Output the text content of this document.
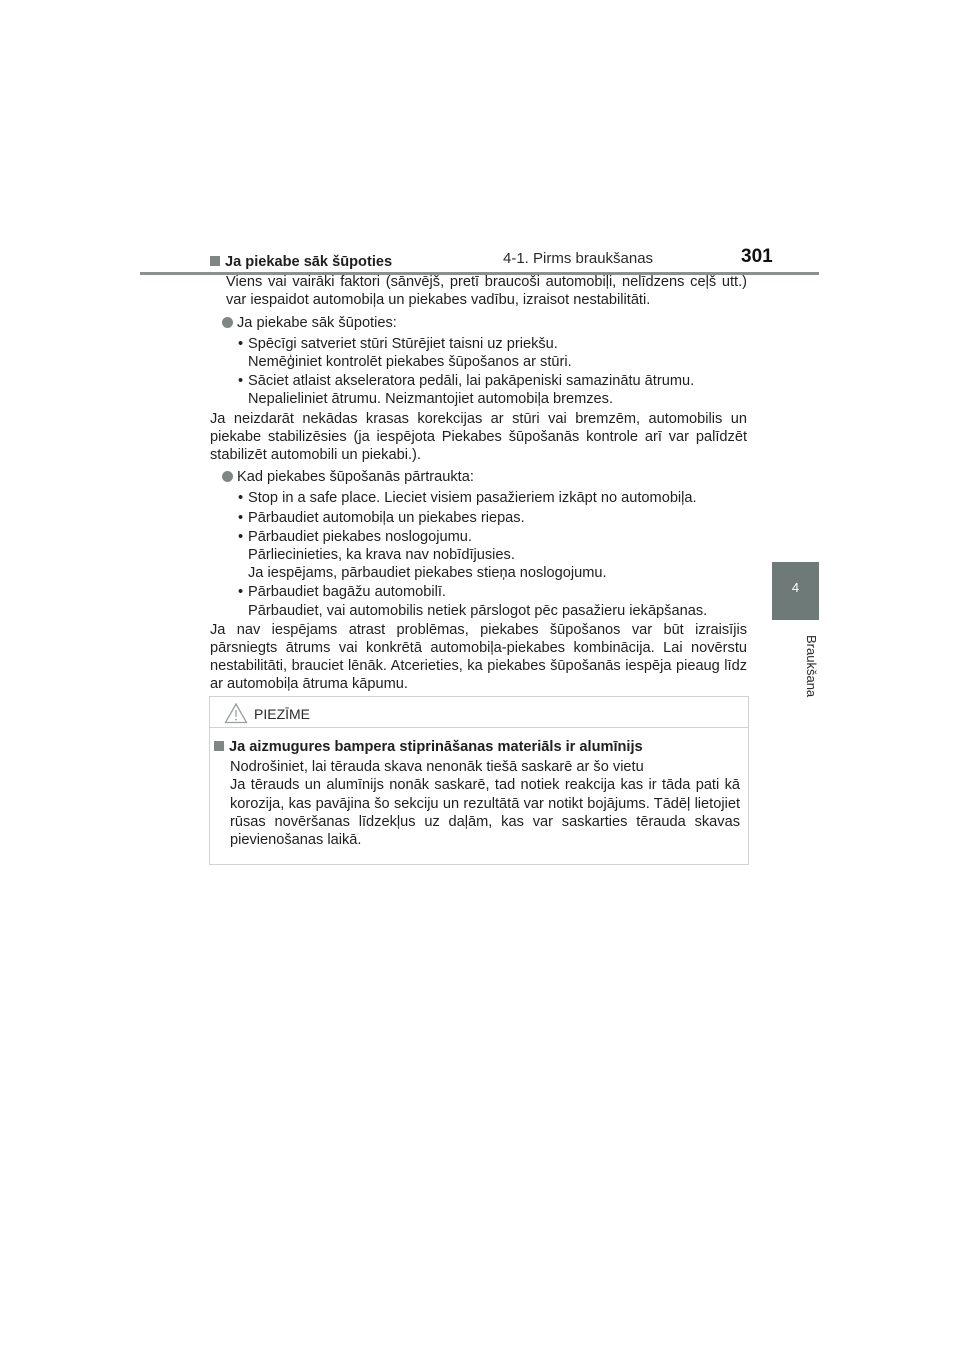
4-1. Pirms braukšanas	301
4
Braukšana
Ja piekabe sāk šūpoties

Viens vai vairāki faktori (sānvējš, pretī braucoši automobiļi, nelīdzens ceļš utt.) var iespaidot automobiļa un piekabes vadību, izraisot nestabilitāti.

Ja piekabe sāk šūpoties:
• Spēcīgi satveriet stūri Stūrējiet taisni uz priekšu.
Nemēģiniet kontrolēt piekabes šūpošanos ar stūri.
• Sāciet atlaist akseleratora pedāli, lai pakāpeniski samazinātu ātrumu.
Nepalieliniet ātrumu. Neizmantojiet automobiļa bremzes.

Ja neizdarāt nekādas krasas korekcijas ar stūri vai bremzēm, automobilis un piekabe stabilizēsies (ja iespējota Piekabes šūpošanās kontrole arī var palīdzēt stabilizēt automobili un piekabi.).

Kad piekabes šūpošanās pārtraukta:
• Stop in a safe place. Lieciet visiem pasažieriem izkāpt no automobiļa.
• Pārbaudiet automobiļa un piekabes riepas.
• Pārbaudiet piekabes noslogojumu.
Pārliecinieties, ka krava nav nobīdījusies.
Ja iespējams, pārbaudiet piekabes stieņa noslogojumu.
• Pārbaudiet bagāžu automobilī.
Pārbaudiet, vai automobilis netiek pārslogot pēc pasažieru iekāpšanas.

Ja nav iespējams atrast problēmas, piekabes šūpošanos var būt izraisījis pārsniegts ātrums vai konkrētā automobiļa-piekabes kombinācija. Lai novērstu nestabilitāti, brauciet lēnāk. Atcerieties, ka piekabes šūpošanās iespēja pieaug līdz ar automobiļa ātruma kāpumu.

PIEZĪME
Ja aizmugures bampera stiprināšanas materiāls ir alumīnijs

Nodrošiniet, lai tērauda skava nenonāk tiešā saskarē ar šo vietu

Ja tērauds un alumīnijs nonāk saskarē, tad notiek reakcija kas ir tāda pati kā korozija, kas pavājina šo sekciju un rezultātā var notikt bojājums. Tādēļ lietojiet rūsas novēršanas līdzekļus uz daļām, kas var saskarties tērauda skavas pievienošanas laikā.
